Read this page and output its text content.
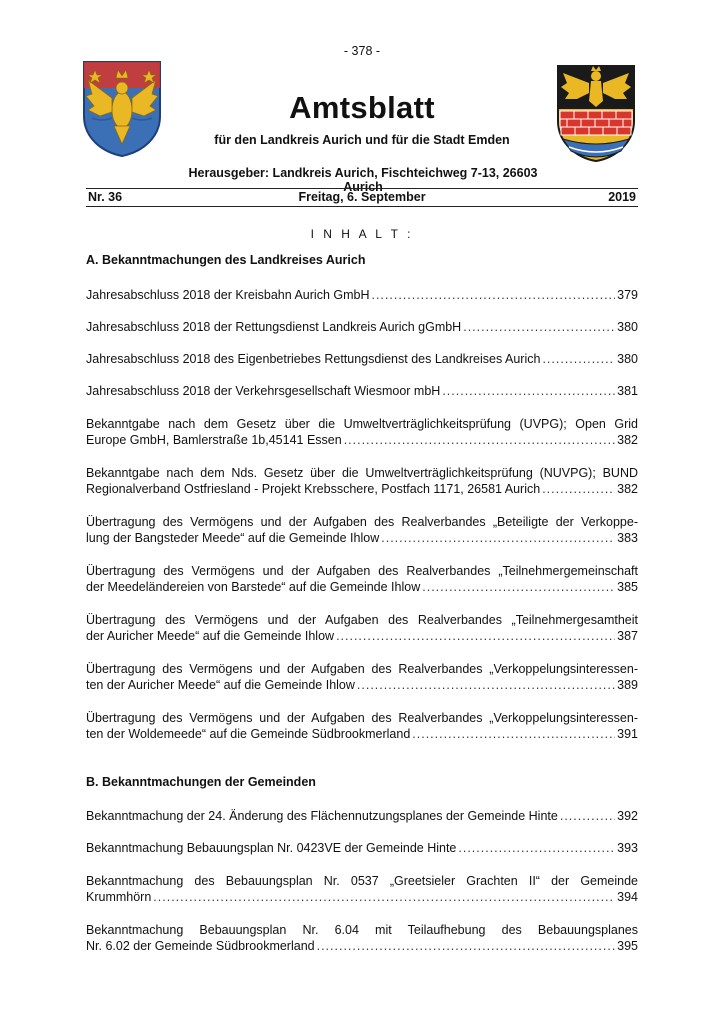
- 378 -
Amtsblatt
für den Landkreis Aurich und für die Stadt Emden
Herausgeber: Landkreis Aurich, Fischteichweg 7-13, 26603 Aurich
Nr. 36	Freitag, 6. September	2019
I N H A L T :
A. Bekanntmachungen des Landkreises Aurich
Jahresabschluss 2018 der Kreisbahn Aurich GmbH .....	379
Jahresabschluss 2018 der Rettungsdienst Landkreis Aurich gGmbH .....	380
Jahresabschluss 2018 des Eigenbetriebes Rettungsdienst des Landkreises Aurich .....	380
Jahresabschluss 2018 der Verkehrsgesellschaft Wiesmoor mbH .....	381
Bekanntgabe nach dem Gesetz über die Umweltverträglichkeitsprüfung (UVPG); Open Grid
Europe GmbH, Bamlerstraße 1b,45141 Essen .....	382
Bekanntgabe nach dem Nds. Gesetz über die Umweltverträglichkeitsprüfung (NUVPG); BUND
Regionalverband Ostfriesland - Projekt Krebsschere, Postfach 1171, 26581 Aurich .....	382
Übertragung des Vermögens und der Aufgaben des Realverbandes „Beteiligte der Verkoppe-
lung der Bangsteder Meede“ auf die Gemeinde Ihlow .....	383
Übertragung des Vermögens und der Aufgaben des Realverbandes „Teilnehmergemeinschaft
der Meedeländereien von Barstede“ auf die Gemeinde Ihlow .....	385
Übertragung des Vermögens und der Aufgaben des Realverbandes „Teilnehmergesamtheit
der Auricher Meede“ auf die Gemeinde Ihlow .....	387
Übertragung des Vermögens und der Aufgaben des Realverbandes „Verkoppelungsinteressen-
ten der Auricher Meede“ auf die Gemeinde Ihlow .....	389
Übertragung des Vermögens und der Aufgaben des Realverbandes „Verkoppelungsinteressen-
ten der Woldemeede“ auf die Gemeinde Südbrookmerland .....	391
B. Bekanntmachungen der Gemeinden
Bekanntmachung der 24. Änderung des Flächennutzungsplanes der Gemeinde Hinte .....	392
Bekanntmachung Bebauungsplan Nr. 0423VE der Gemeinde Hinte .....	393
Bekanntmachung des Bebauungsplan Nr. 0537 „Greetsieler Grachten II“ der Gemeinde
Krummhörn .....	394
Bekanntmachung Bebauungsplan Nr. 6.04 mit Teilaufhebung des Bebauungsplanes
Nr. 6.02 der Gemeinde Südbrookmerland .....	395
